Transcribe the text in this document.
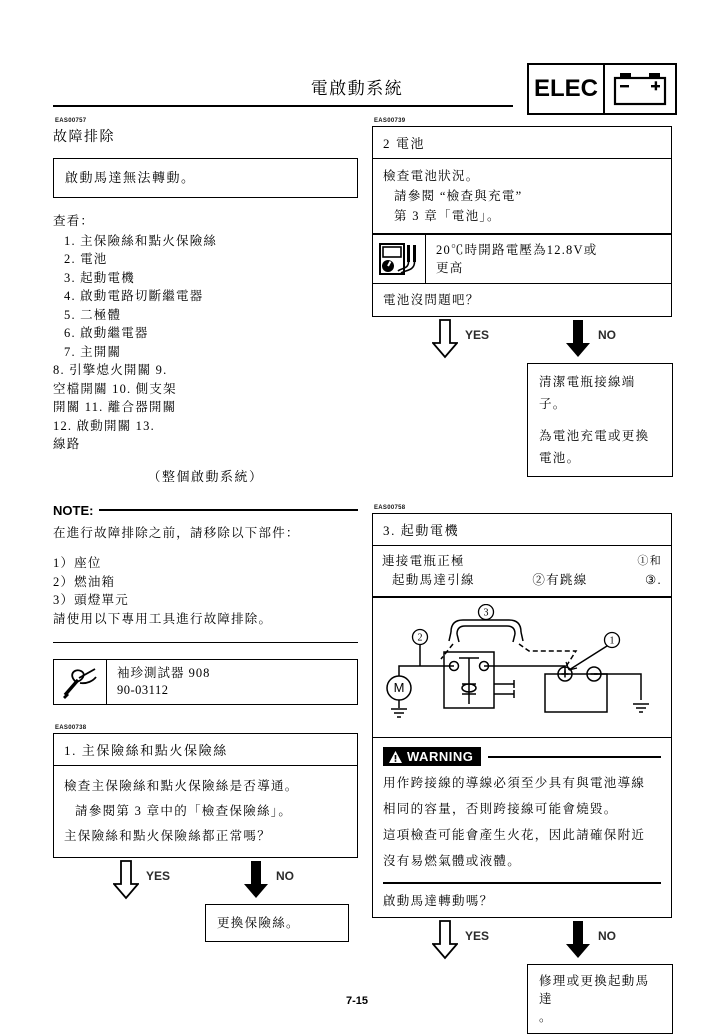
電啟動系統	ELEC
EAS00757
故障排除
啟動馬達無法轉動。
查看：
1. 主保險絲和點火保險絲
2. 電池
3. 起動電機
4. 啟動電路切斷繼電器
5. 二極體
6. 啟動繼電器
7. 主開關
8. 引擎熄火開關 9.
空檔開關 10. 側支架
開關 11. 離合器開關
12. 啟動開關 13.
線路
（整個啟動系統）
NOTE:
在進行故障排除之前，請移除以下部件：
1）座位
2）燃油箱
3）頭燈單元
請使用以下專用工具進行故障排除。
袖珍測試器 908
90-03112
EAS00738
1. 主保險絲和點火保險絲

檢查主保險絲和點火保險絲是否導通。

請參閱第 3 章中的「檢查保險絲」。

主保險絲和點火保險絲都正常嗎？

YES	NO

更換保險絲。

EAS00739
2 電池

檢查電池狀況。

請參閱 “檢查與充電”

第 3 章「電池」。

20℃時開路電壓為12.8V或
更高

電池沒問題吧？

YES	NO

清潔電瓶接線端子。

為電池充電或更換電池。

EAS00758
3. 起動電機

連接電瓶正極	①和

起動馬達引線	②有跳線	③.

3
2	1
M
WARNING

用作跨接線的導線必須至少具有與電池導線

相同的容量，否則跨接線可能會燒毀。

這項檢查可能會產生火花，因此請確保附近

沒有易燃氣體或液體。

啟動馬達轉動嗎？
YES	NO

修理或更換起動馬達

。

7-15
